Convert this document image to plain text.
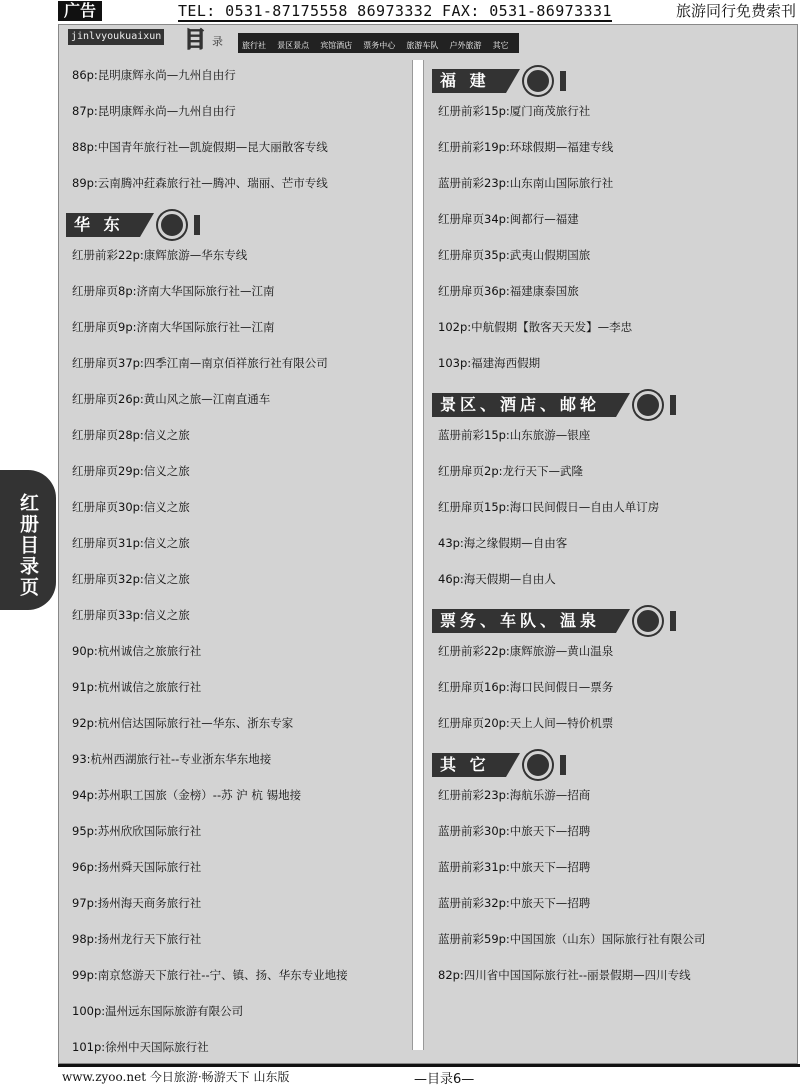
广告	TEL: 0531-87175558 86973332 FAX: 0531-86973331	旅游同行免费索刊
jinlvyoukuaixun 目 录	旅行社 景区景点 宾馆酒店 票务中心 旅游车队 户外旅游 其它
红册目录页
86p:昆明康辉永尚—九州自由行
87p:昆明康辉永尚—九州自由行
88p:中国青年旅行社—凯旋假期—昆大丽散客专线
89p:云南腾冲荭森旅行社—腾冲、瑞丽、芒市专线
华 东
红册前彩22p:康辉旅游—华东专线
红册扉页8p:济南大华国际旅行社—江南
红册扉页9p:济南大华国际旅行社—江南
红册扉页37p:四季江南—南京佰祥旅行社有限公司
红册扉页26p:黄山风之旅—江南直通车
红册扉页28p:信义之旅
红册扉页29p:信义之旅
红册扉页30p:信义之旅
红册扉页31p:信义之旅
红册扉页32p:信义之旅
红册扉页33p:信义之旅
90p:杭州诚信之旅旅行社
91p:杭州诚信之旅旅行社
92p:杭州信达国际旅行社—华东、浙东专家
93:杭州西湖旅行社--专业浙东华东地接
94p:苏州职工国旅（金榜）--苏 沪 杭 锡地接
95p:苏州欣欣国际旅行社
96p:扬州舜天国际旅行社
97p:扬州海天商务旅行社
98p:扬州龙行天下旅行社
99p:南京悠游天下旅行社--宁、镇、扬、华东专业地接
100p:温州远东国际旅游有限公司
101p:徐州中天国际旅行社
福 建
红册前彩15p:厦门商茂旅行社
红册前彩19p:环球假期—福建专线
蓝册前彩23p:山东南山国际旅行社
红册扉页34p:闽都行—福建
红册扉页35p:武夷山假期国旅
红册扉页36p:福建康泰国旅
102p:中航假期【散客天天发】—李忠
103p:福建海西假期
景区、酒店、邮轮
蓝册前彩15p:山东旅游—银座
红册扉页2p:龙行天下—武隆
红册扉页15p:海口民间假日—自由人单订房
43p:海之缘假期—自由客
46p:海天假期—自由人
票务、车队、温泉
红册前彩22p:康辉旅游—黄山温泉
红册扉页16p:海口民间假日—票务
红册扉页20p:天上人间—特价机票
其 它
红册前彩23p:海航乐游—招商
蓝册前彩30p:中旅天下—招聘
蓝册前彩31p:中旅天下—招聘
蓝册前彩32p:中旅天下—招聘
蓝册前彩59p:中国国旅（山东）国际旅行社有限公司
82p:四川省中国国际旅行社--丽景假期—四川专线
www.zyoo.net 今日旅游·畅游天下 山东版	—目录6—
